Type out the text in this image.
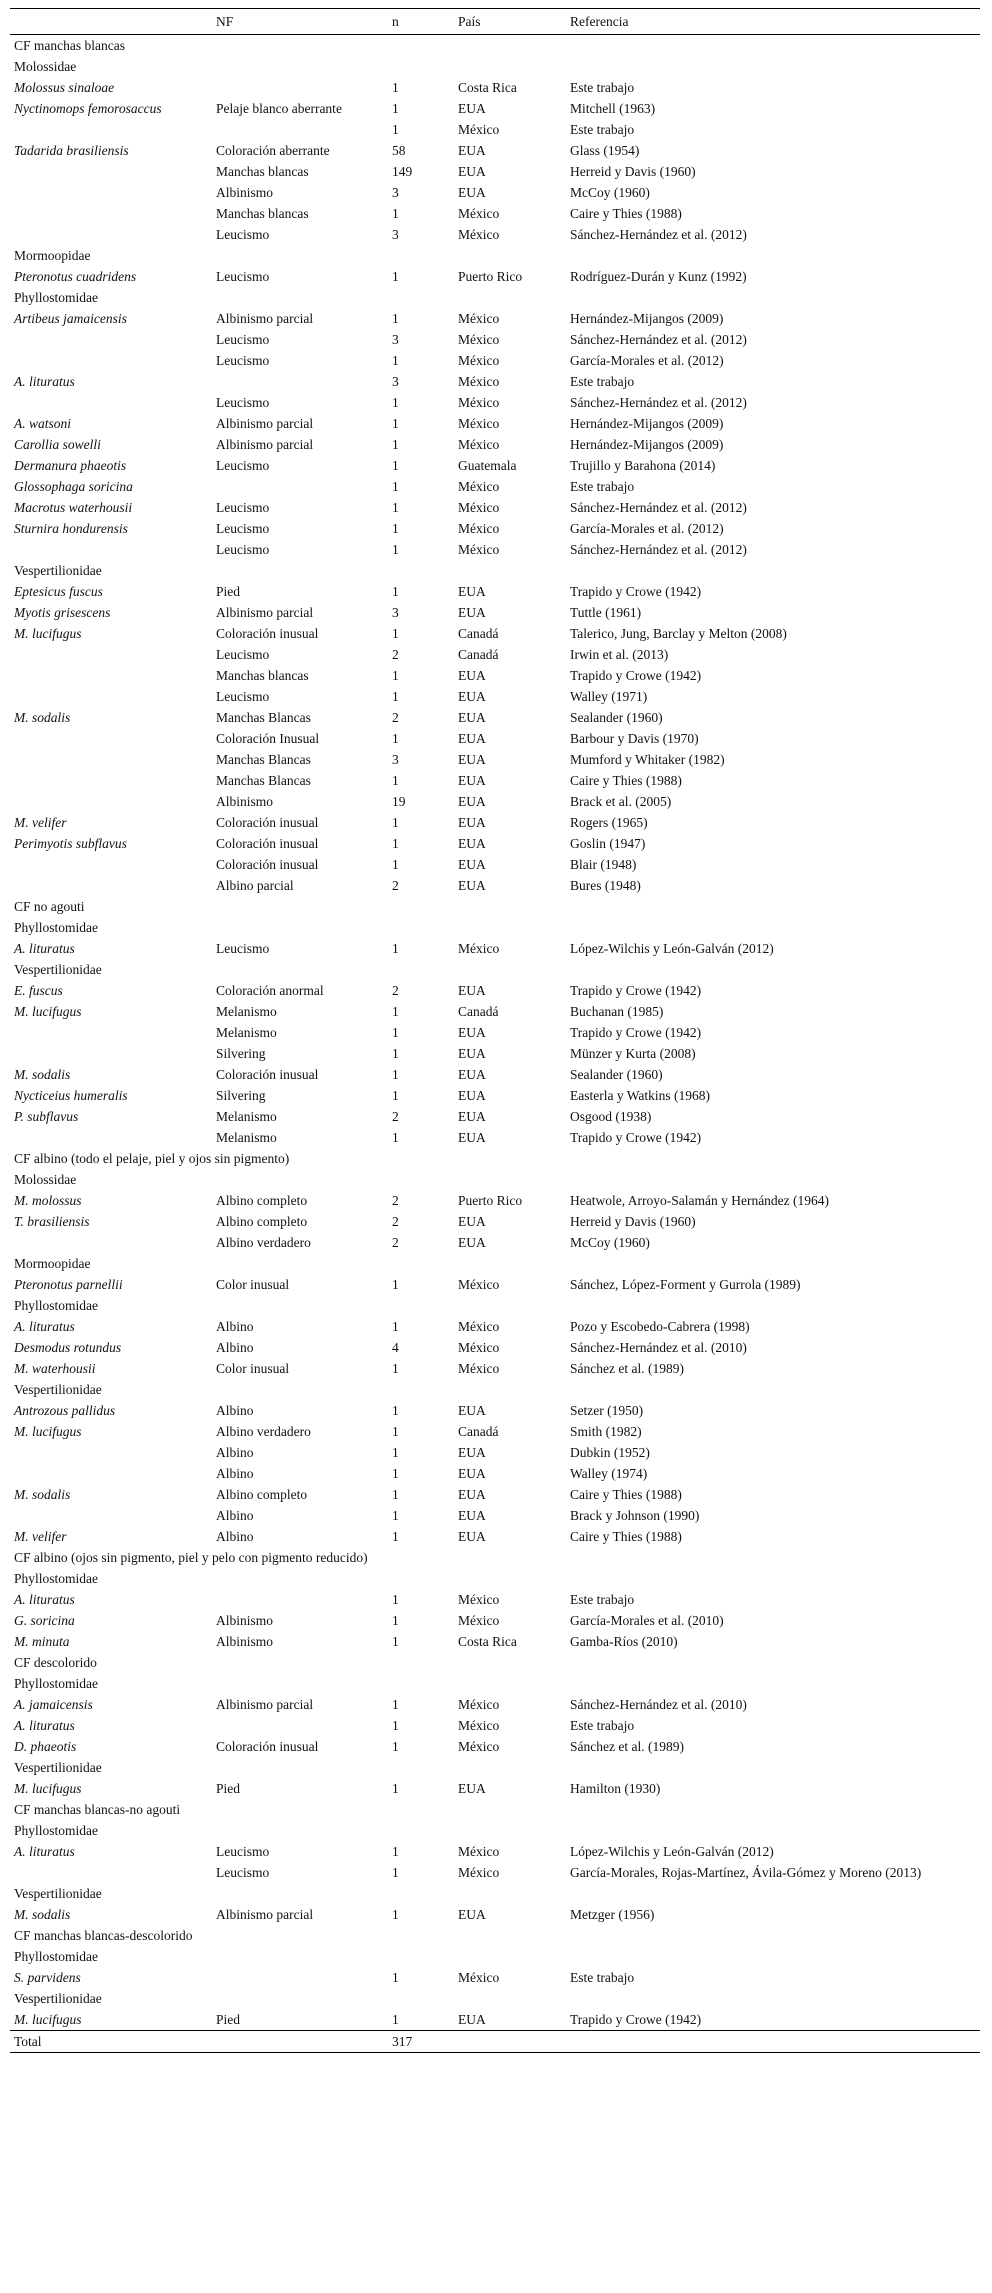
	NF	n	País	Referencia
CF manchas blancas				
Molossidae				
Molossus sinaloae		1	Costa Rica	Este trabajo
Nyctinomops femorosaccus	Pelaje blanco aberrante	1	EUA	Mitchell (1963)
		1	México	Este trabajo
Tadarida brasiliensis	Coloración aberrante	58	EUA	Glass (1954)
	Manchas blancas	149	EUA	Herreid y Davis (1960)
	Albinismo	3	EUA	McCoy (1960)
	Manchas blancas	1	México	Caire y Thies (1988)
	Leucismo	3	México	Sánchez-Hernández et al. (2012)
Mormoopidae				
Pteronotus cuadridens	Leucismo	1	Puerto Rico	Rodríguez-Durán y Kunz (1992)
Phyllostomidae				
Artibeus jamaicensis	Albinismo parcial	1	México	Hernández-Mijangos (2009)
	Leucismo	3	México	Sánchez-Hernández et al. (2012)
	Leucismo	1	México	García-Morales et al. (2012)
A. lituratus		3	México	Este trabajo
	Leucismo	1	México	Sánchez-Hernández et al. (2012)
A. watsoni	Albinismo parcial	1	México	Hernández-Mijangos (2009)
Carollia sowelli	Albinismo parcial	1	México	Hernández-Mijangos (2009)
Dermanura phaeotis	Leucismo	1	Guatemala	Trujillo y Barahona (2014)
Glossophaga soricina		1	México	Este trabajo
Macrotus waterhousii	Leucismo	1	México	Sánchez-Hernández et al. (2012)
Sturnira hondurensis	Leucismo	1	México	García-Morales et al. (2012)
	Leucismo	1	México	Sánchez-Hernández et al. (2012)
Vespertilionidae				
Eptesicus fuscus	Pied	1	EUA	Trapido y Crowe (1942)
Myotis grisescens	Albinismo parcial	3	EUA	Tuttle (1961)
M. lucifugus	Coloración inusual	1	Canadá	Talerico, Jung, Barclay y Melton (2008)
	Leucismo	2	Canadá	Irwin et al. (2013)
	Manchas blancas	1	EUA	Trapido y Crowe (1942)
	Leucismo	1	EUA	Walley (1971)
M. sodalis	Manchas Blancas	2	EUA	Sealander (1960)
	Coloración Inusual	1	EUA	Barbour y Davis (1970)
	Manchas Blancas	3	EUA	Mumford y Whitaker (1982)
	Manchas Blancas	1	EUA	Caire y Thies (1988)
	Albinismo	19	EUA	Brack et al. (2005)
M. velifer	Coloración inusual	1	EUA	Rogers (1965)
Perimyotis subflavus	Coloración inusual	1	EUA	Goslin (1947)
	Coloración inusual	1	EUA	Blair (1948)
	Albino parcial	2	EUA	Bures (1948)
CF no agouti				
Phyllostomidae				
A. lituratus	Leucismo	1	México	López-Wilchis y León-Galván (2012)
Vespertilionidae				
E. fuscus	Coloración anormal	2	EUA	Trapido y Crowe (1942)
M. lucifugus	Melanismo	1	Canadá	Buchanan (1985)
	Melanismo	1	EUA	Trapido y Crowe (1942)
	Silvering	1	EUA	Münzer y Kurta (2008)
M. sodalis	Coloración inusual	1	EUA	Sealander (1960)
Nycticeius humeralis	Silvering	1	EUA	Easterla y Watkins (1968)
P. subflavus	Melanismo	2	EUA	Osgood (1938)
	Melanismo	1	EUA	Trapido y Crowe (1942)
CF albino (todo el pelaje, piel y ojos sin pigmento)				
Molossidae				
M. molossus	Albino completo	2	Puerto Rico	Heatwole, Arroyo-Salamán y Hernández (1964)
T. brasiliensis	Albino completo	2	EUA	Herreid y Davis (1960)
	Albino verdadero	2	EUA	McCoy (1960)
Mormoopidae				
Pteronotus parnellii	Color inusual	1	México	Sánchez, López-Forment y Gurrola (1989)
Phyllostomidae				
A. lituratus	Albino	1	México	Pozo y Escobedo-Cabrera (1998)
Desmodus rotundus	Albino	4	México	Sánchez-Hernández et al. (2010)
M. waterhousii	Color inusual	1	México	Sánchez et al. (1989)
Vespertilionidae				
Antrozous pallidus	Albino	1	EUA	Setzer (1950)
M. lucifugus	Albino verdadero	1	Canadá	Smith (1982)
	Albino	1	EUA	Dubkin (1952)
	Albino	1	EUA	Walley (1974)
M. sodalis	Albino completo	1	EUA	Caire y Thies (1988)
	Albino	1	EUA	Brack y Johnson (1990)
M. velifer	Albino	1	EUA	Caire y Thies (1988)
CF albino (ojos sin pigmento, piel y pelo con pigmento reducido)				
Phyllostomidae				
A. lituratus		1	México	Este trabajo
G. soricina	Albinismo	1	México	García-Morales et al. (2010)
M. minuta	Albinismo	1	Costa Rica	Gamba-Ríos (2010)
CF descolorido				
Phyllostomidae				
A. jamaicensis	Albinismo parcial	1	México	Sánchez-Hernández et al. (2010)
A. lituratus		1	México	Este trabajo
D. phaeotis	Coloración inusual	1	México	Sánchez et al. (1989)
Vespertilionidae				
M. lucifugus	Pied	1	EUA	Hamilton (1930)
CF manchas blancas-no agouti				
Phyllostomidae				
A. lituratus	Leucismo	1	México	López-Wilchis y León-Galván (2012)
	Leucismo	1	México	García-Morales, Rojas-Martínez, Ávila-Gómez y Moreno (2013)
Vespertilionidae				
M. sodalis	Albinismo parcial	1	EUA	Metzger (1956)
CF manchas blancas-descolorido				
Phyllostomidae				
S. parvidens		1	México	Este trabajo
Vespertilionidae				
M. lucifugus	Pied	1	EUA	Trapido y Crowe (1942)
Total		317		
